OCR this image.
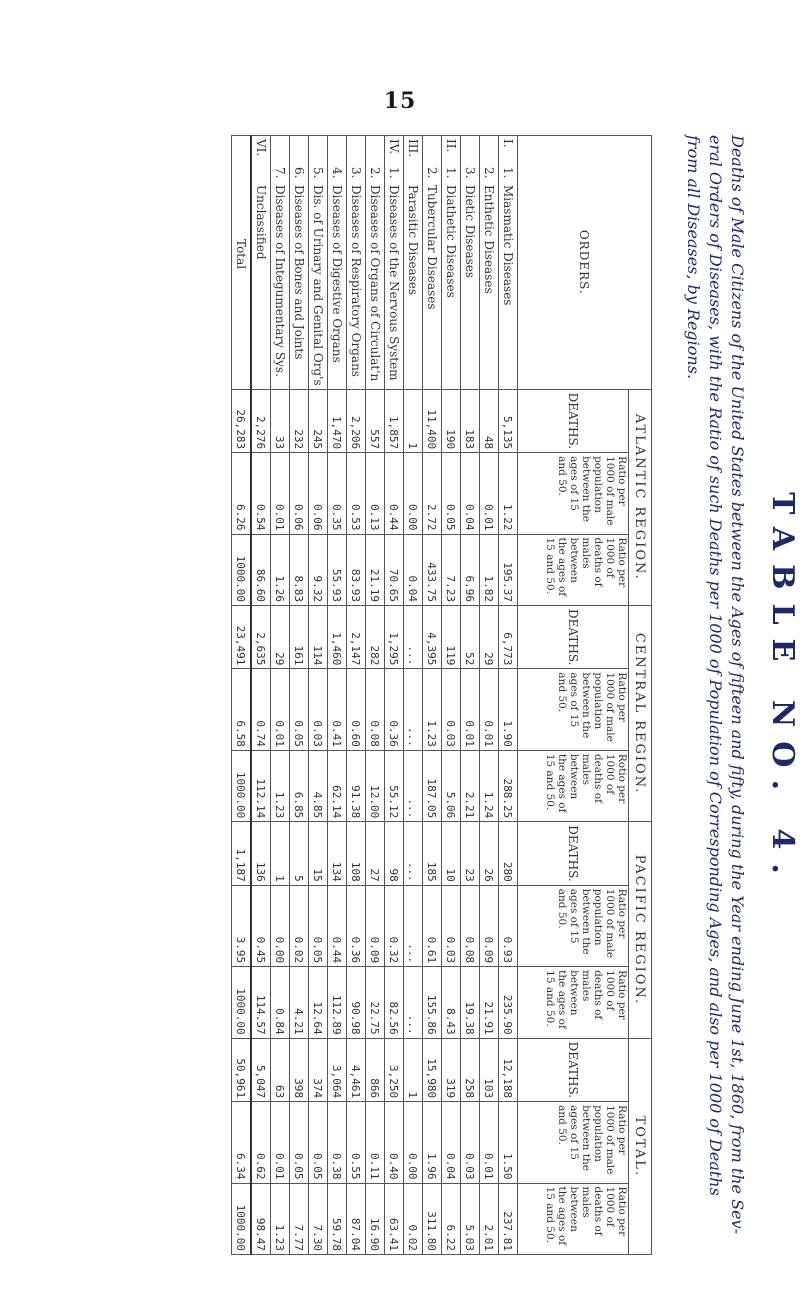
15
TABLE NO. 4.
Deaths of Male Citizens of the United States between the Ages of fifteen and fifty, during the Year ending June 1st, 1860, from the Sev-
eral Orders of Diseases, with the Ratio of such Deaths per 1000 of Population of Corresponding Ages, and also per 1000 of Deaths
from all Diseases, by Regions.
ORDERS.	ATLANTIC REGION.			CENTRAL REGION.			PACIFIC REGION.			TOTAL.		
	DEATHS.	Ratio per 1000 of male population between the ages of 15 and 50.	Ratio per 1000 of deaths of males between the ages of 15 and 50.	DEATHS.	Ratio per 1000 of male population between the ages of 15 and 50.	Rotio per 1000 of deaths of males between the ages of 15 and 50.	DEATHS.	Ratio per 1000 of male population between the ages of 15 and 50.	Ratio per 1000 of deaths of males between the ages of 15 and 50.	DEATHS.	Ratio per 1000 of male population between the ages of 15 and 50.	Ratio per 1000 of deaths of males between the ages of 15 and 50.
I.1.Miasmatic Diseases	5,135	1.22	195.37	6,773	1.90	288.25	280	0.93	235.90	12,188	1.50	237.81
2.Enthetic Diseases	48	0.01	1.82	29	0.01	1.24	26	0.09	21.91	103	0.01	2.01
3.Dietic Diseases	183	0.04	6.96	52	0.01	2.21	23	0.08	19.38	258	0.03	5.03
II.1.Diathetic Diseases	190	0.05	7.23	119	0.03	5.06	10	0.03	8.43	319	0.04	6.22
2.Tubercular Diseases	11,400	2.72	433.75	4,395	1.23	187.05	185	0.61	155.86	15,980	1.96	311.80
III.Parasitic Diseases	1	0.00	0.04	...	...	...	...	...	...	1	0.00	0.02
IV.1.Diseases of the Nervous System	1,857	0.44	70.65	1,295	0.36	55.12	98	0.32	82.56	3,250	0.40	63.41
2.Diseases of Organs of Circulat'n	557	0.13	21.19	282	0.08	12.00	27	0.09	22.75	866	0.11	16.90
3.Diseases of Respiratory Organs	2,206	0.53	83.93	2,147	0.60	91.38	108	0.36	90.98	4,461	0.55	87.04
4.Diseases of Digestive Organs	1,470	0.35	55.93	1,460	0.41	62.14	134	0.44	112.89	3,064	0.38	59.78
5.Dis. of Urinary and Genital Org's	245	0.06	9.32	114	0.03	4.85	15	0.05	12.64	374	0.05	7.30
6.Diseases of Bones and Joints	232	0.06	8.83	161	0.05	6.85	5	0.02	4.21	398	0.05	7.77
7.Diseases of Integumentary Sys.	33	0.01	1.26	29	0.01	1.23	1	0.00	0.84	63	0.01	1.23
VI.Unclassified	2,276	0.54	86.60	2,635	0.74	112.14	136	0.45	114.57	5,047	0.62	98.47
Total	26,283	6.26	1000.00	23,491	6.58	1000.00	1,187	3.95	1000.00	50,961	6.34	1000.00
